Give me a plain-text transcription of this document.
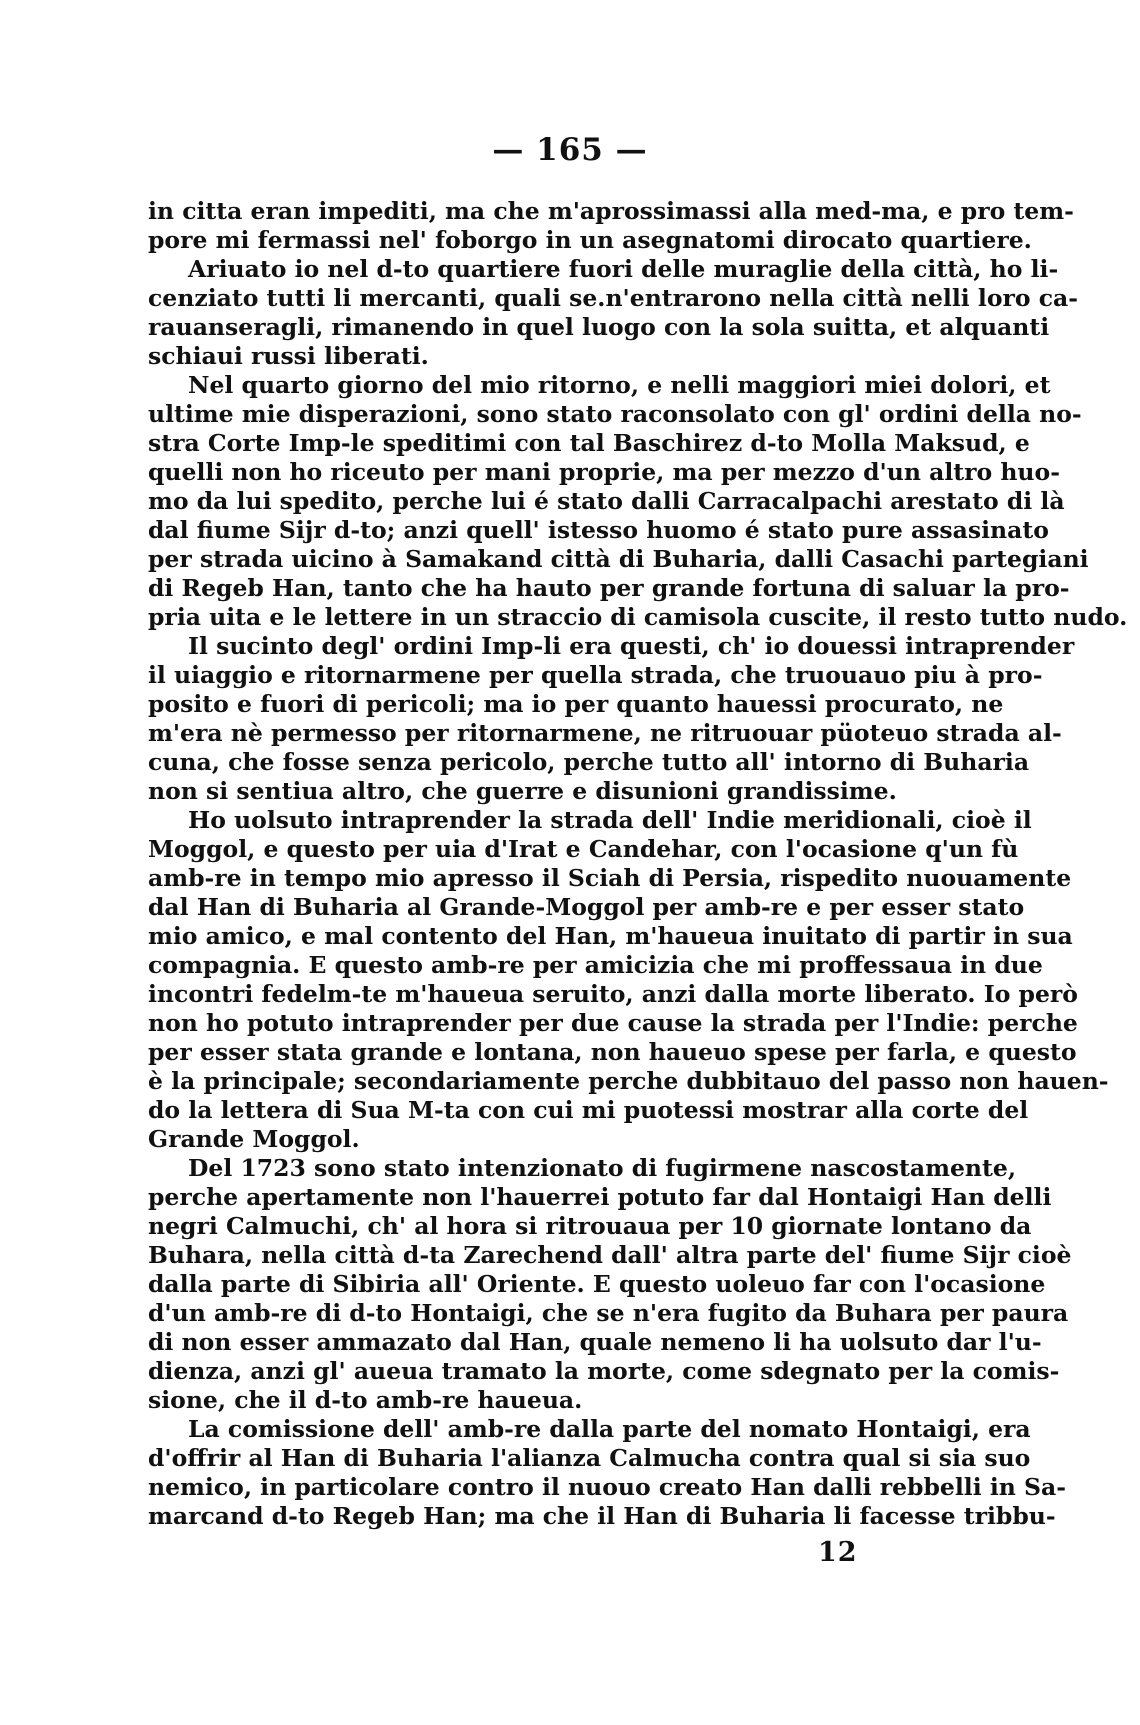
— 165 —
in citta eran impediti, ma che m'aprossimassi alla med-ma, e pro tem-
pore mi fermassi nel' foborgo in un asegnatomi dirocato quartiere.
Ariuato io nel d-to quartiere fuori delle muraglie della città, ho li-
cenziato tutti li mercanti, quali se.n'entrarono nella città nelli loro ca-
rauanseragli, rimanendo in quel luogo con la sola suitta, et alquanti
schiaui russi liberati.
Nel quarto giorno del mio ritorno, e nelli maggiori miei dolori, et
ultime mie disperazioni, sono stato raconsolato con gl' ordini della no-
stra Corte Imp-le speditimi con tal Baschirez d-to Molla Maksud, e
quelli non ho riceuto per mani proprie, ma per mezzo d'un altro huo-
mo da lui spedito, perche lui é stato dalli Carracalpachi arestato di là
dal fiume Sijr d-to; anzi quell' istesso huomo é stato pure assasinato
per strada uicino à Samakand città di Buharia, dalli Casachi partegiani
di Regeb Han, tanto che ha hauto per grande fortuna di saluar la pro-
pria uita e le lettere in un straccio di camisola cuscite, il resto tutto nudo.
Il sucinto degl' ordini Imp-li era questi, ch' io douessi intraprender
il uiaggio e ritornarmene per quella strada, che truouauo piu à pro-
posito e fuori di pericoli; ma io per quanto hauessi procurato, ne
m'era nè permesso per ritornarmene, ne ritruouar püoteuo strada al-
cuna, che fosse senza pericolo, perche tutto all' intorno di Buharia
non si sentiua altro, che guerre e disunioni grandissime.
Ho uolsuto intraprender la strada dell' Indie meridionali, cioè il
Moggol, e questo per uia d'Irat e Candehar, con l'ocasione q'un fù
amb-re in tempo mio apresso il Sciah di Persia, rispedito nuouamente
dal Han di Buharia al Grande-Moggol per amb-re e per esser stato
mio amico, e mal contento del Han, m'haueua inuitato di partir in sua
compagnia. E questo amb-re per amicizia che mi proffessaua in due
incontri fedelm-te m'haueua seruito, anzi dalla morte liberato. Io però
non ho potuto intraprender per due cause la strada per l'Indie: perche
per esser stata grande e lontana, non haueuo spese per farla, e questo
è la principale; secondariamente perche dubbitauo del passo non hauen-
do la lettera di Sua M-ta con cui mi puotessi mostrar alla corte del
Grande Moggol.
Del 1723 sono stato intenzionato di fugirmene nascostamente,
perche apertamente non l'hauerrei potuto far dal Hontaigi Han delli
negri Calmuchi, ch' al hora si ritrouaua per 10 giornate lontano da
Buhara, nella città d-ta Zarechend dall' altra parte del' fiume Sijr cioè
dalla parte di Sibiria all' Oriente. E questo uoleuo far con l'ocasione
d'un amb-re di d-to Hontaigi, che se n'era fugito da Buhara per paura
di non esser ammazato dal Han, quale nemeno li ha uolsuto dar l'u-
dienza, anzi gl' aueua tramato la morte, come sdegnato per la comis-
sione, che il d-to amb-re haueua.
La comissione dell' amb-re dalla parte del nomato Hontaigi, era
d'offrir al Han di Buharia l'alianza Calmucha contra qual si sia suo
nemico, in particolare contro il nuouo creato Han dalli rebbelli in Sa-
marcand d-to Regeb Han; ma che il Han di Buharia li facesse tribbu-
12
